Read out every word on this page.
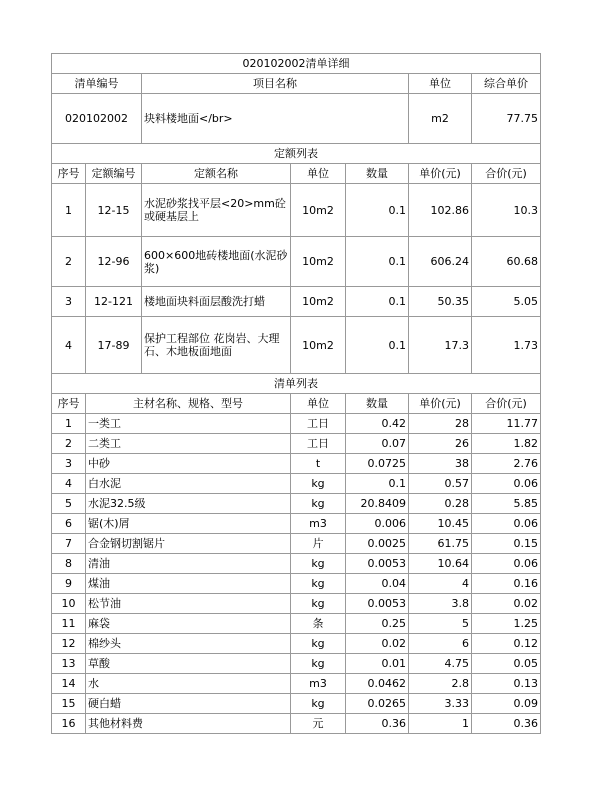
020102002清单详细						
清单编号		项目名称			单位	综合单价
020102002		块料楼地面</br>			m2	77.75
定额列表						
序号	定额编号	定额名称	单位	数量	单价(元)	合价(元)
1	12-15	水泥砂浆找平层<20>mm砼或硬基层上	10m2	0.1	102.86	10.3
2	12-96	600×600地砖楼地面(水泥砂浆)	10m2	0.1	606.24	60.68
3	12-121	楼地面块料面层酸洗打蜡	10m2	0.1	50.35	5.05
4	17-89	保护工程部位 花岗岩、大理石、木地板面地面	10m2	0.1	17.3	1.73
清单列表						
序号	主材名称、规格、型号		单位	数量	单价(元)	合价(元)
1	一类工		工日	0.42	28	11.77
2	二类工		工日	0.07	26	1.82
3	中砂		t	0.0725	38	2.76
4	白水泥		kg	0.1	0.57	0.06
5	水泥32.5级		kg	20.8409	0.28	5.85
6	锯(木)屑		m3	0.006	10.45	0.06
7	合金钢切割锯片		片	0.0025	61.75	0.15
8	清油		kg	0.0053	10.64	0.06
9	煤油		kg	0.04	4	0.16
10	松节油		kg	0.0053	3.8	0.02
11	麻袋		条	0.25	5	1.25
12	棉纱头		kg	0.02	6	0.12
13	草酸		kg	0.01	4.75	0.05
14	水		m3	0.0462	2.8	0.13
15	硬白蜡		kg	0.0265	3.33	0.09
16	其他材料费		元	0.36	1	0.36
